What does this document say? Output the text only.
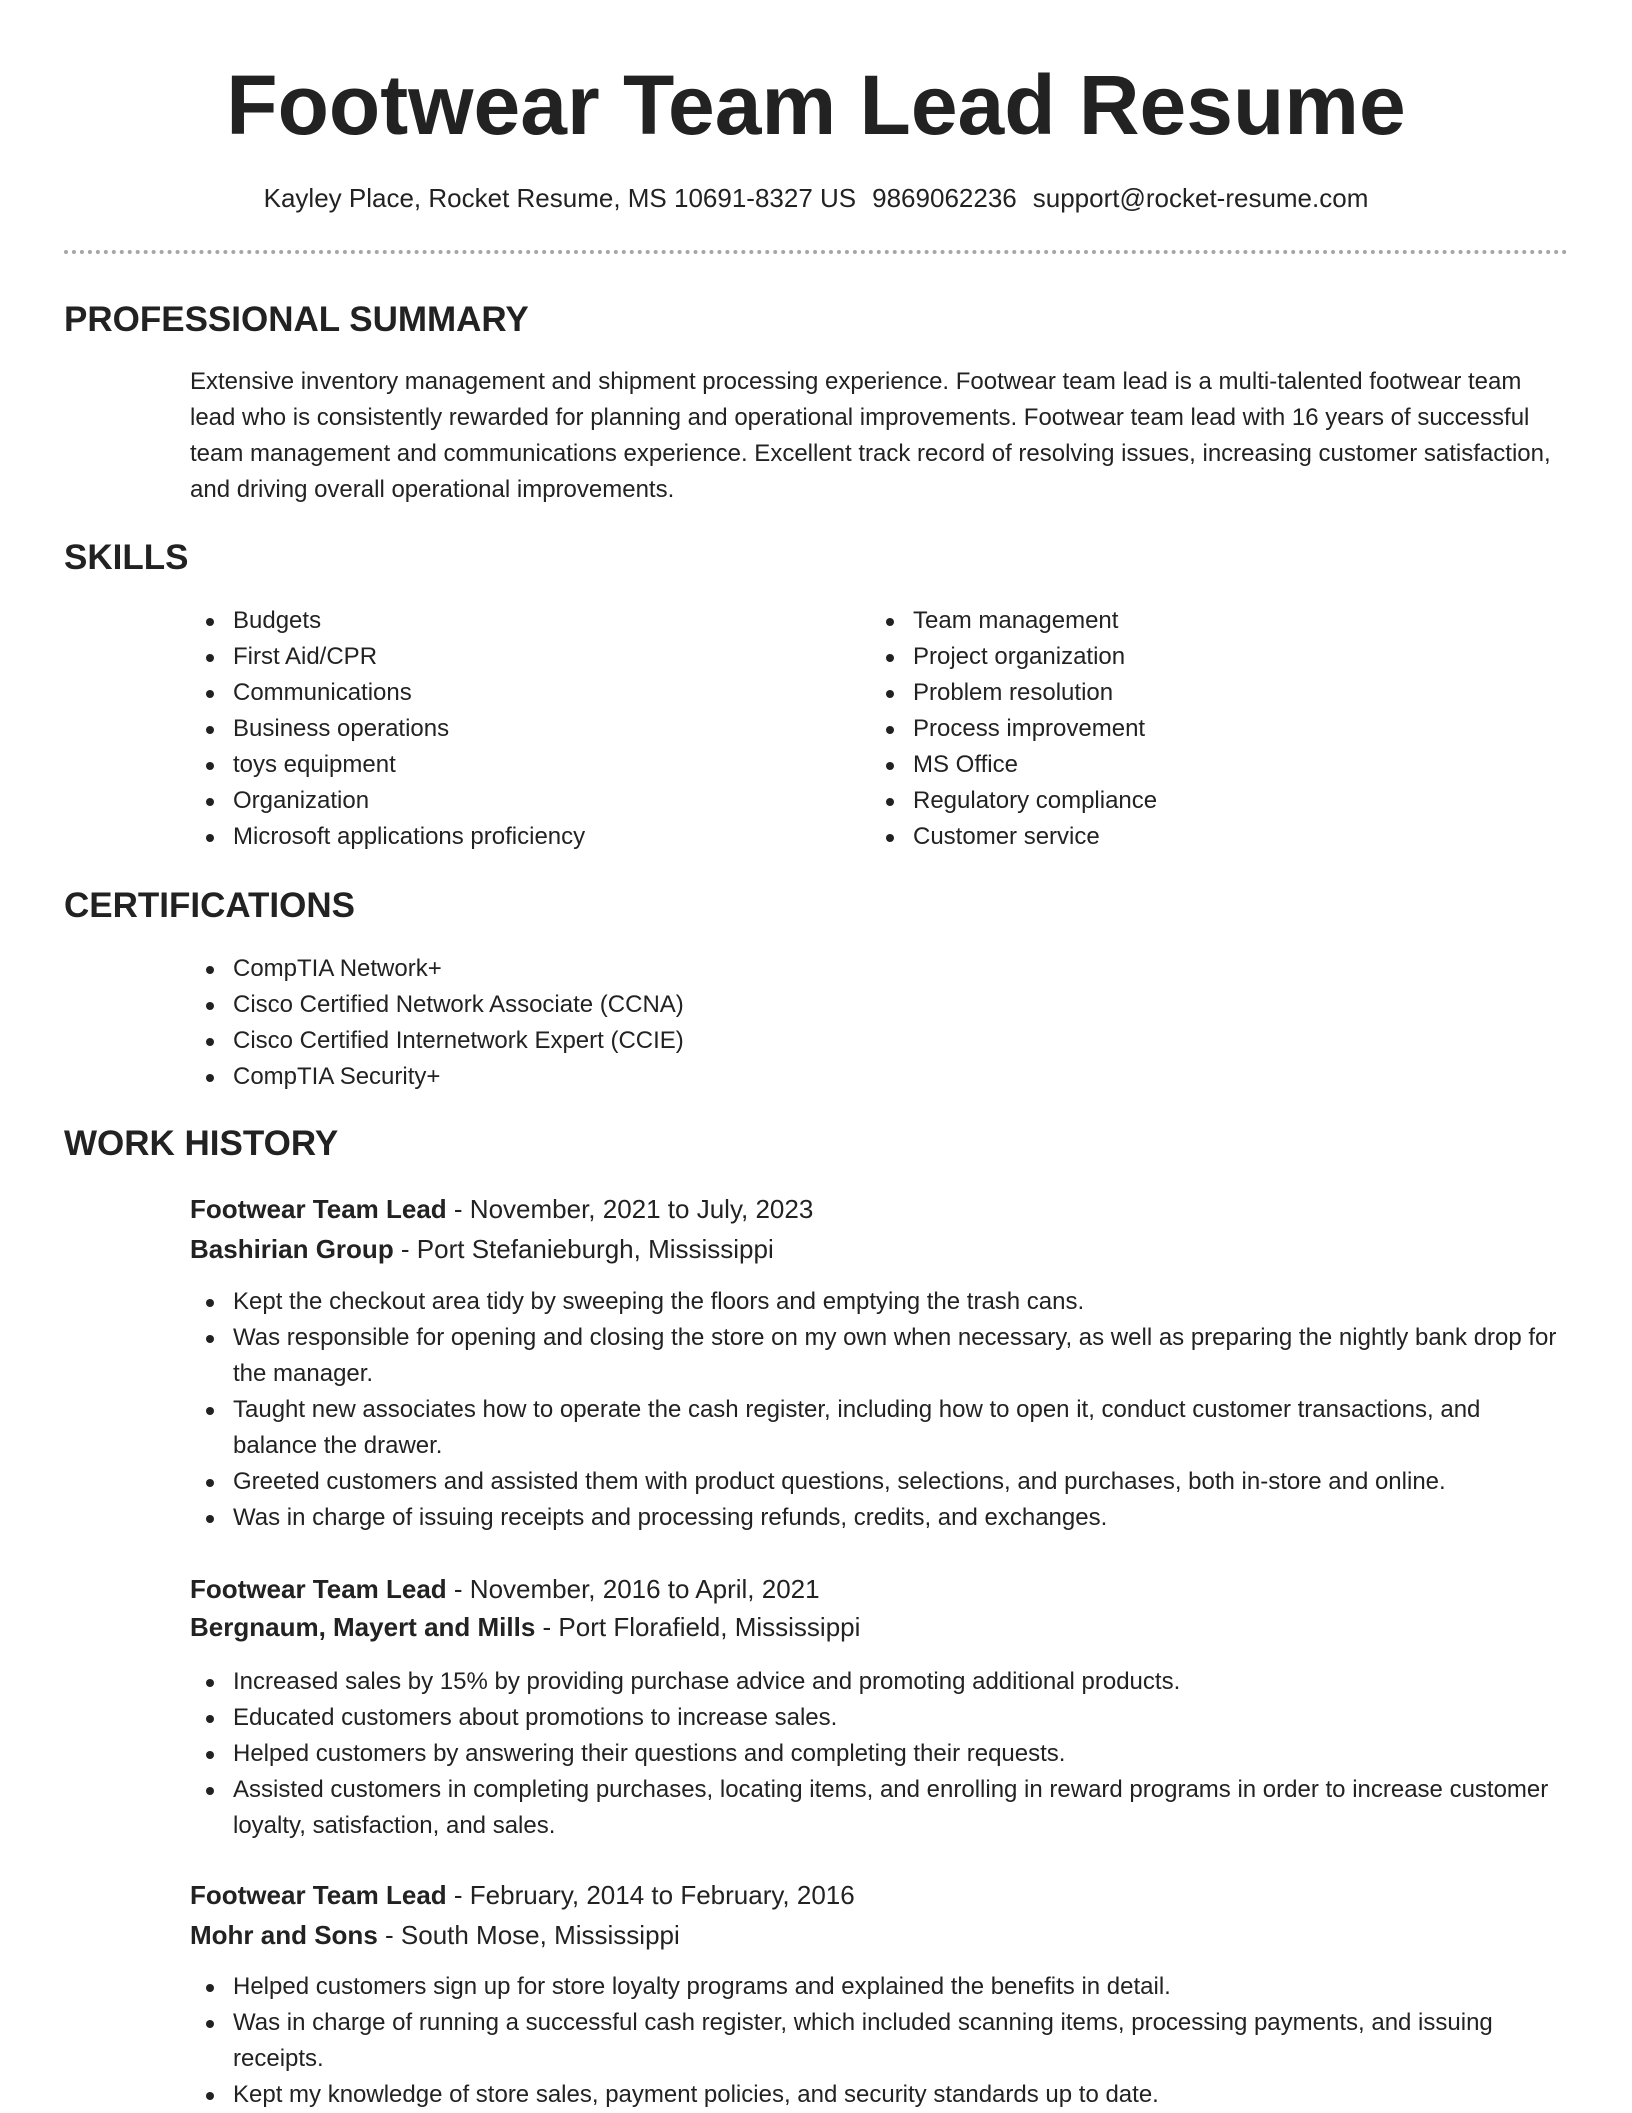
Footwear Team Lead Resume
Kayley Place, Rocket Resume, MS 10691-8327 US 9869062236 support@rocket-resume.com
PROFESSIONAL SUMMARY

Extensive inventory management and shipment processing experience. Footwear team lead is a multi-talented footwear team lead who is consistently rewarded for planning and operational improvements. Footwear team lead with 16 years of successful team management and communications experience. Excellent track record of resolving issues, increasing customer satisfaction, and driving overall operational improvements.

SKILLS
Budgets
First Aid/CPR
Communications
Business operations
toys equipment
Organization
Microsoft applications proficiency
Team management
Project organization
Problem resolution
Process improvement
MS Office
Regulatory compliance
Customer service
CERTIFICATIONS
CompTIA Network+
Cisco Certified Network Associate (CCNA)
Cisco Certified Internetwork Expert (CCIE)
CompTIA Security+
WORK HISTORY
Footwear Team Lead - November, 2021 to July, 2023
Bashirian Group - Port Stefanieburgh, Mississippi
Kept the checkout area tidy by sweeping the floors and emptying the trash cans.
Was responsible for opening and closing the store on my own when necessary, as well as preparing the nightly bank drop for the manager.
Taught new associates how to operate the cash register, including how to open it, conduct customer transactions, and balance the drawer.
Greeted customers and assisted them with product questions, selections, and purchases, both in-store and online.
Was in charge of issuing receipts and processing refunds, credits, and exchanges.
Footwear Team Lead - November, 2016 to April, 2021
Bergnaum, Mayert and Mills - Port Florafield, Mississippi
Increased sales by 15% by providing purchase advice and promoting additional products.
Educated customers about promotions to increase sales.
Helped customers by answering their questions and completing their requests.
Assisted customers in completing purchases, locating items, and enrolling in reward programs in order to increase customer loyalty, satisfaction, and sales.
Footwear Team Lead - February, 2014 to February, 2016
Mohr and Sons - South Mose, Mississippi
Helped customers sign up for store loyalty programs and explained the benefits in detail.
Was in charge of running a successful cash register, which included scanning items, processing payments, and issuing receipts.
Kept my knowledge of store sales, payment policies, and security standards up to date.
